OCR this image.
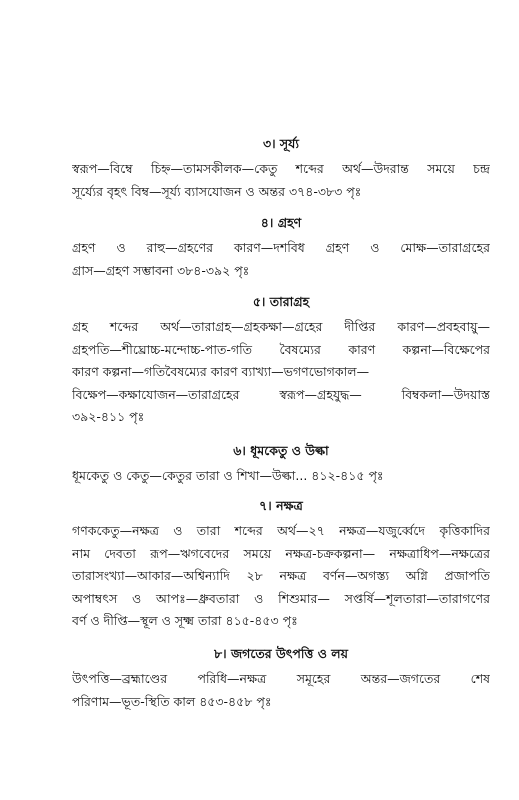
৩। সূর্য্য
স্বরূপ—বিম্বে চিহ্ন—তামসকীলক—কেতু শব্দের অর্থ—উদরান্ত সময়ে চন্দ্র
সূর্য্যের বৃহৎ বিম্ব—সূর্য্য ব্যাসযোজন ও অন্তর ৩৭৪-৩৮৩ পৃঃ
৪। গ্রহণ
গ্রহণ ও রাহু—গ্রহণের কারণ—দশবিধ গ্রহণ ও মোক্ষ—তারাগ্রহের
গ্রাস—গ্রহণ সম্ভাবনা ৩৮৪-৩৯২ পৃঃ
৫। তারাগ্রহ
গ্রহ শব্দের অর্থ—তারাগ্রহ—গ্রহকক্ষা—গ্রহের দীপ্তির কারণ—প্রবহবায়ু—
গ্রহপতি—শীঘ্রোচ্চ-মন্দোচ্চ-পাত-গতি বৈষম্যের কারণ কল্পনা—বিক্ষেপের
কারণ কল্পনা—গতিবৈষম্যের কারণ ব্যাখ্যা—ভগণভোগকাল—
বিক্ষেপ—কক্ষাযোজন—তারাগ্রহের স্বরূপ—গ্রহযুদ্ধ— বিম্বকলা—উদয়াস্ত
৩৯২-৪১১ পৃঃ
৬। ধূমকেতু ও উল্কা
ধূমকেতু ও কেতু—কেতুর তারা ও শিখা—উল্কা... ৪১২-৪১৫ পৃঃ
৭। নক্ষত্র
গণককেতু—নক্ষত্র ও তারা শব্দের অর্থ—২৭ নক্ষত্র—যজুর্ব্বেদে কৃত্তিকাদির
নাম দেবতা রূপ—ঋগবেদের সময়ে নক্ষত্র-চক্রকল্পনা— নক্ষত্রাধিপ—নক্ষত্রের
তারাসংখ্যা—আকার—অশ্বিন্যাদি ২৮ নক্ষত্র বর্ণন—অগস্ত্য অগ্নি প্রজাপতি
অপাম্বৎস ও আপঃ—ধ্রুবতারা ও শিশুমার— সপ্তর্ষি—শূলতারা—তারাগণের
বর্ণ ও দীপ্তি—স্থূল ও সূক্ষ্ম তারা ৪১৫-৪৫৩ পৃঃ
৮। জগতের উৎপত্তি ও লয়
উৎপত্তি—ব্রহ্মাণ্ডের পরিধি—নক্ষত্র সমূহের অন্তর—জগতের শেষ
পরিণাম—ভূত-স্থিতি কাল ৪৫৩-৪৫৮ পৃঃ
